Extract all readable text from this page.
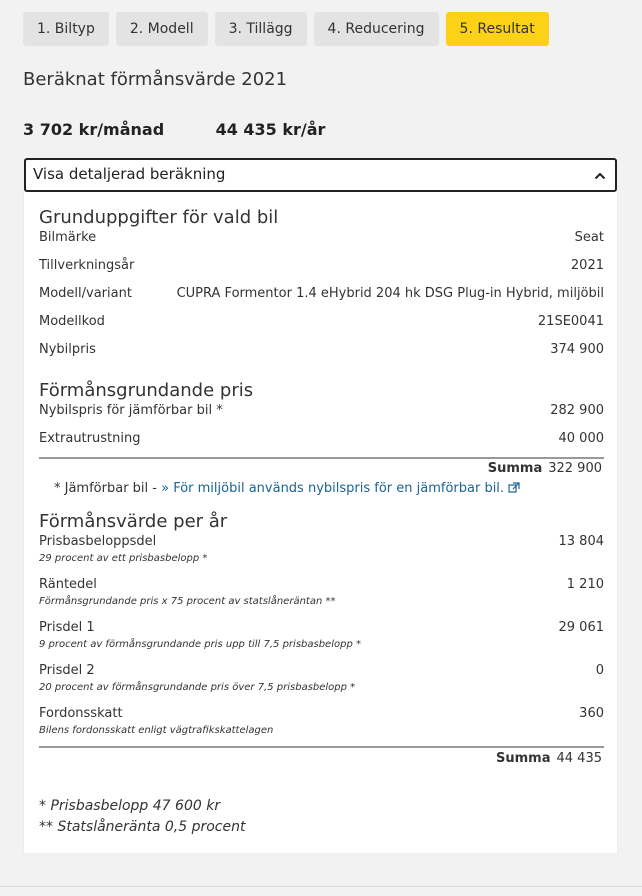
1. Biltyp	2. Modell	3. Tillägg	4. Reducering	5. Resultat
Beräknat förmånsvärde 2021
3 702 kr/månad	44 435 kr/år
Visa detaljerad beräkning
Grunduppgifter för vald bil
Bilmärke	Seat
Tillverkningsår	2021
Modell/variant	CUPRA Formentor 1.4 eHybrid 204 hk DSG Plug-in Hybrid, miljöbil
Modellkod	21SE0041
Nybilpris	374 900
Förmånsgrundande pris
Nybilspris för jämförbar bil *	282 900
Extrautrustning	40 000
Summa 322 900
* Jämförbar bil - » För miljöbil används nybilspris för en jämförbar bil.
Förmånsvärde per år
Prisbasbeloppsdel	13 804
29 procent av ett prisbasbelopp *
Räntedel	1 210
Förmånsgrundande pris x 75 procent av statslåneräntan **
Prisdel 1	29 061
9 procent av förmånsgrundande pris upp till 7,5 prisbasbelopp *
Prisdel 2	0
20 procent av förmånsgrundande pris över 7,5 prisbasbelopp *
Fordonsskatt	360
Bilens fordonsskatt enligt vägtrafikskattelagen
Summa 44 435
* Prisbasbelopp 47 600 kr
** Statslåneränta 0,5 procent
